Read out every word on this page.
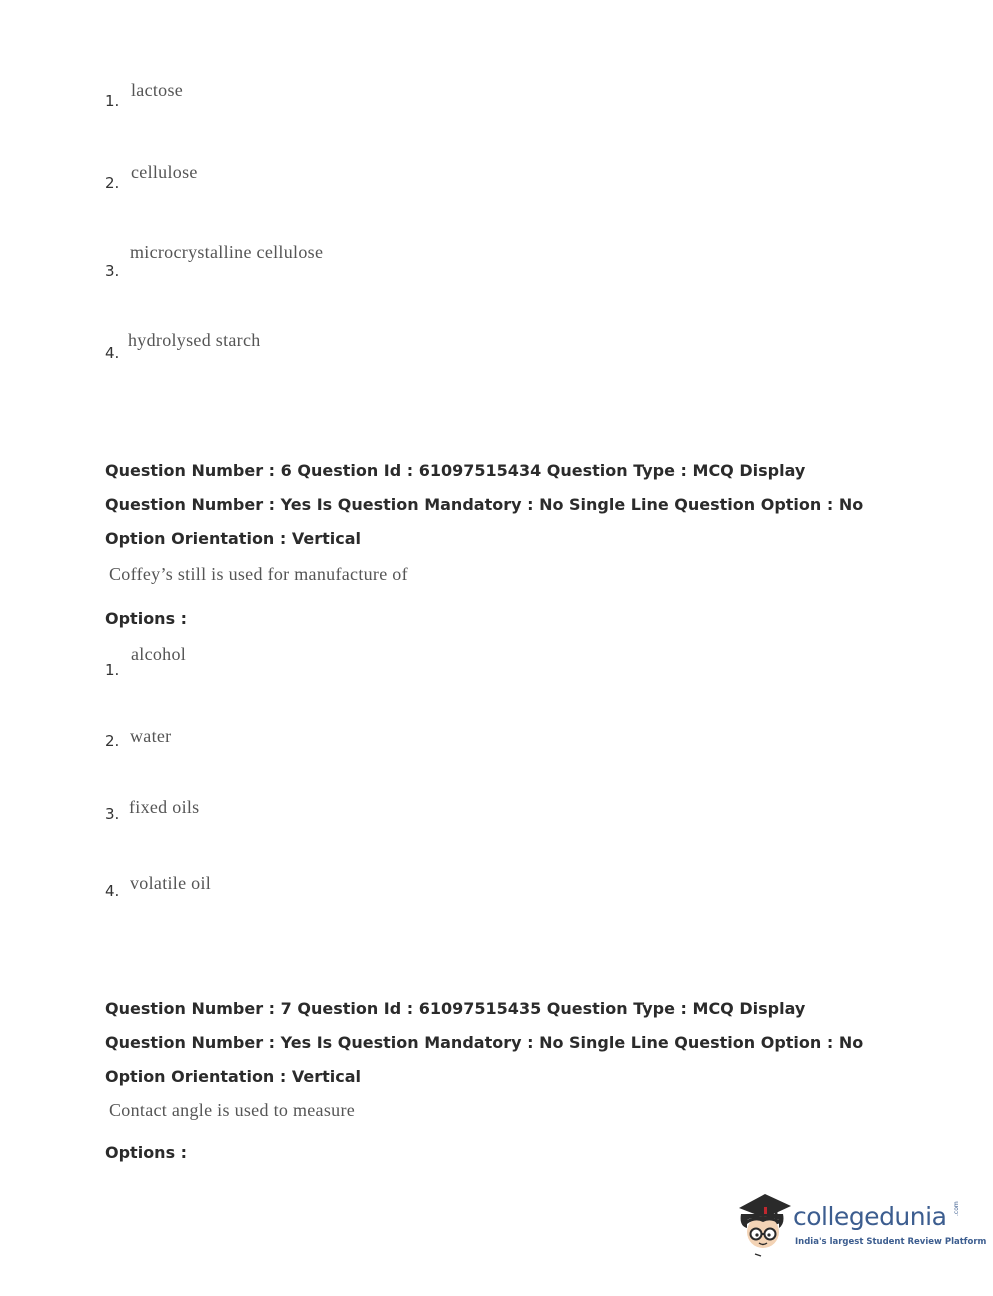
1.
lactose
2.
cellulose
3.
microcrystalline cellulose
4.
hydrolysed starch
Question Number : 6 Question Id : 61097515434 Question Type : MCQ Display Question Number : Yes Is Question Mandatory : No Single Line Question Option : No Option Orientation : Vertical
Coffey’s still is used for manufacture of
Options :
1.
alcohol
2. water
3. fixed oils
4. volatile oil
Question Number : 7 Question Id : 61097515435 Question Type : MCQ Display Question Number : Yes Is Question Mandatory : No Single Line Question Option : No Option Orientation : Vertical
Contact angle is used to measure
Options :
collegedunia .com
India's largest Student Review Platform
